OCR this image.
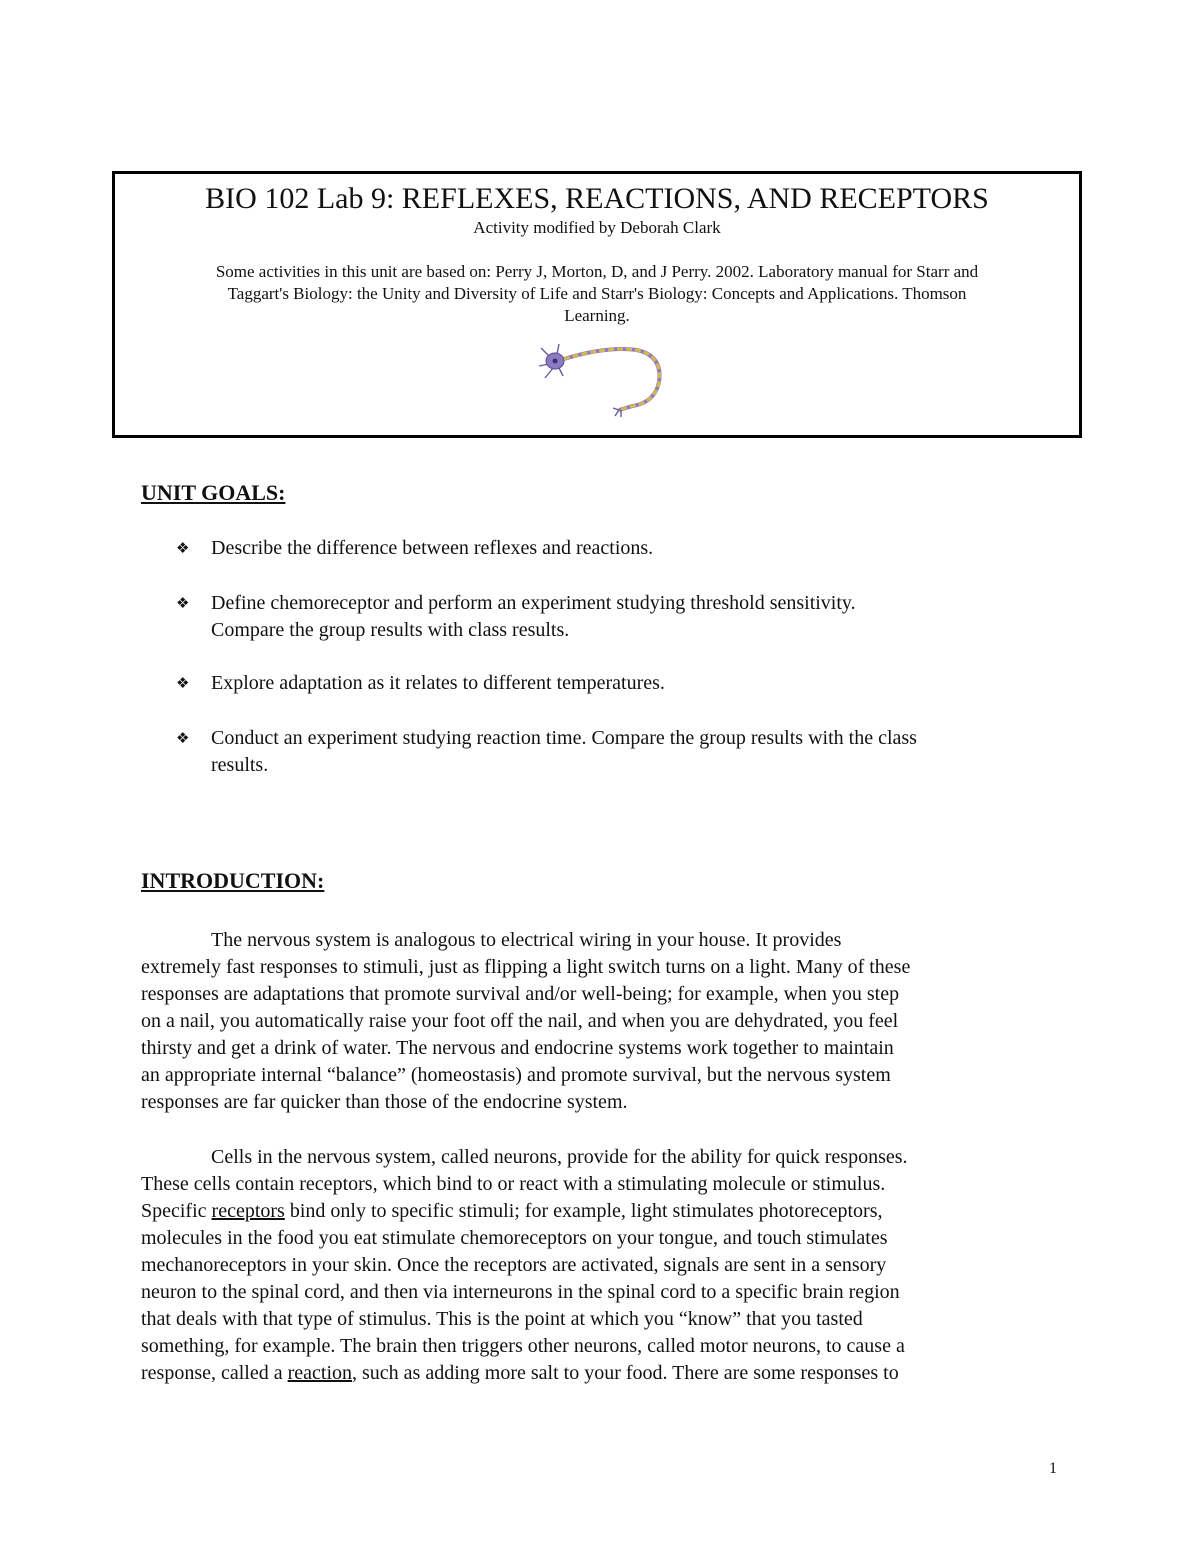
BIO 102 Lab 9: REFLEXES, REACTIONS, AND RECEPTORS
Activity modified by Deborah Clark
Some activities in this unit are based on: Perry J, Morton, D, and J Perry. 2002. Laboratory manual for Starr and
Taggart's Biology: the Unity and Diversity of Life and Starr's Biology: Concepts and Applications. Thomson
Learning.
UNIT GOALS:
❖	Describe the difference between reflexes and reactions.
❖	Define chemoreceptor and perform an experiment studying threshold sensitivity.
Compare the group results with class results.
❖	Explore adaptation as it relates to different temperatures.
❖	Conduct an experiment studying reaction time. Compare the group results with the class
results.
INTRODUCTION:
The nervous system is analogous to electrical wiring in your house. It provides
extremely fast responses to stimuli, just as flipping a light switch turns on a light. Many of these
responses are adaptations that promote survival and/or well-being; for example, when you step
on a nail, you automatically raise your foot off the nail, and when you are dehydrated, you feel
thirsty and get a drink of water. The nervous and endocrine systems work together to maintain
an appropriate internal “balance” (homeostasis) and promote survival, but the nervous system
responses are far quicker than those of the endocrine system.
Cells in the nervous system, called neurons, provide for the ability for quick responses.
These cells contain receptors, which bind to or react with a stimulating molecule or stimulus.
Specific receptors bind only to specific stimuli; for example, light stimulates photoreceptors,
molecules in the food you eat stimulate chemoreceptors on your tongue, and touch stimulates
mechanoreceptors in your skin. Once the receptors are activated, signals are sent in a sensory
neuron to the spinal cord, and then via interneurons in the spinal cord to a specific brain region
that deals with that type of stimulus. This is the point at which you “know” that you tasted
something, for example. The brain then triggers other neurons, called motor neurons, to cause a
response, called a reaction, such as adding more salt to your food. There are some responses to
1
